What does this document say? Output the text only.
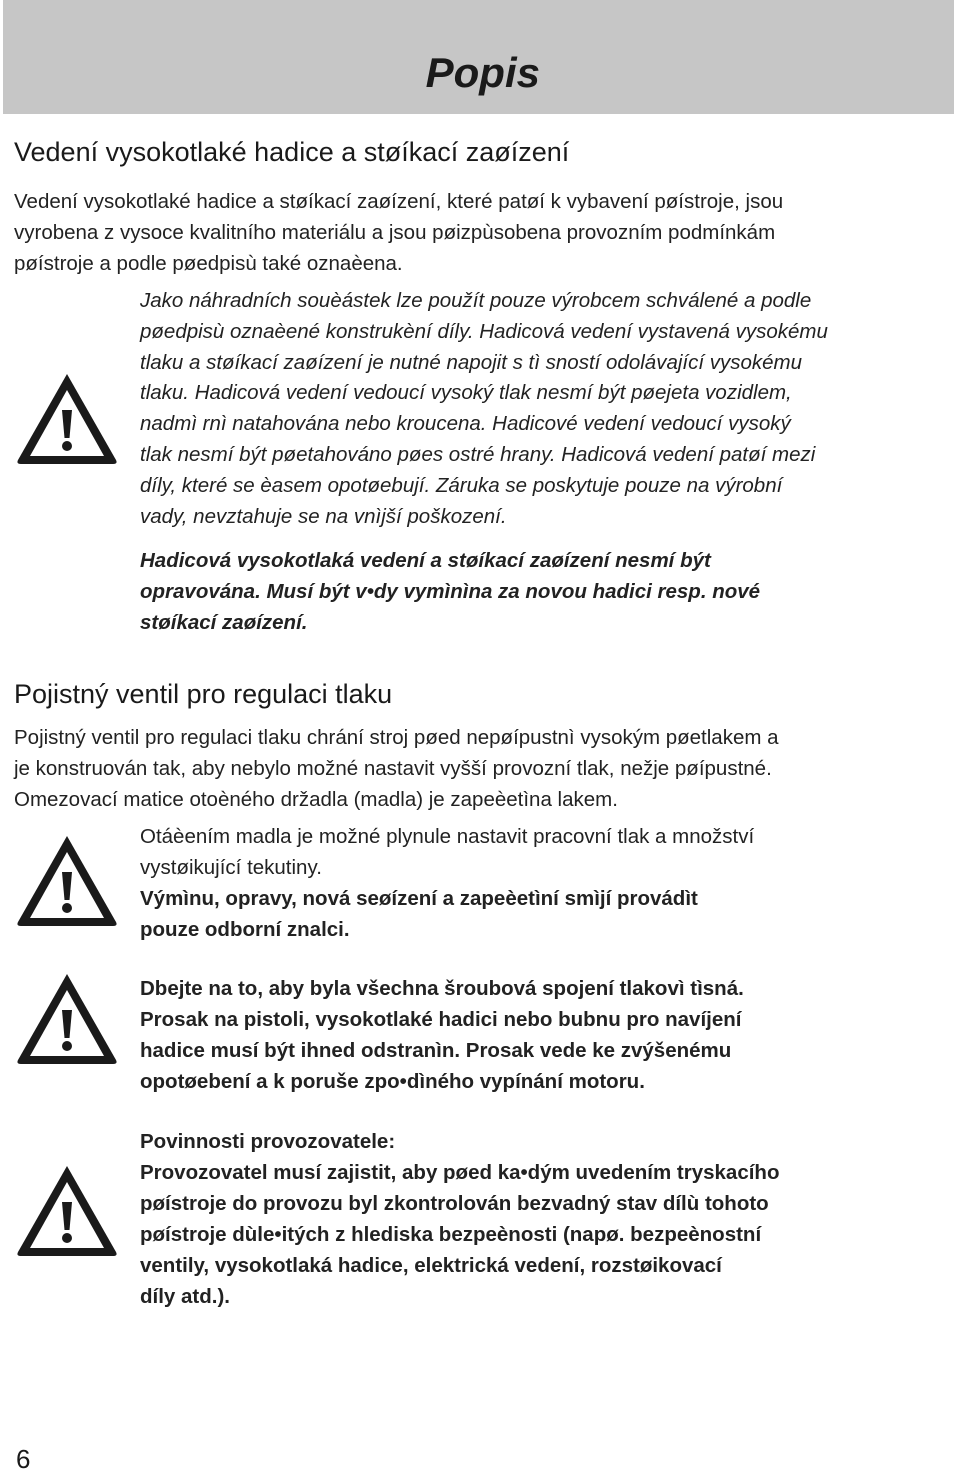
Popis
Vedení vysokotlaké hadice a støíkací zaøízení

Vedení vysokotlaké hadice a støíkací zaøízení, které patøí k vybavení pøístroje, jsou

vyrobena z vysoce kvalitního materiálu a jsou pøizpùsobena provozním podmínkám

pøístroje a podle pøedpisù také oznaèena.

Jako náhradních souèástek lze použít pouze výrobcem schválené a podle

pøedpisù oznaèené konstrukèní díly. Hadicová vedení vystavená vysokému

tlaku a støíkací zaøízení je nutné napojit s tì sností odolávající vysokému

tlaku. Hadicová vedení vedoucí vysoký tlak nesmí být pøejeta vozidlem,

nadmì rnì natahována nebo kroucena. Hadicové vedení vedoucí vysoký

tlak nesmí být pøetahováno pøes ostré hrany. Hadicová vedení patøí mezi

díly, které se èasem opotøebují. Záruka se poskytuje pouze na výrobní

vady, nevztahuje se na vnìjší poškození.

Hadicová vysokotlaká vedení a støíkací zaøízení nesmí být

opravována. Musí být v•dy vymìnìna za novou hadici resp. nové

støíkací zaøízení.

Pojistný ventil pro regulaci tlaku

Pojistný ventil pro regulaci tlaku chrání stroj pøed nepøípustnì vysokým pøetlakem a

je konstruován tak, aby nebylo možné nastavit vyšší provozní tlak, nežje pøípustné.

Omezovací matice otoèného držadla (madla) je zapeèetìna lakem.

Otáèením madla je možné plynule nastavit pracovní tlak a množství

vystøikující tekutiny.

Výmìnu, opravy, nová seøízení a zapeèetìní smìjí provádìt

pouze odborní znalci.

Dbejte na to, aby byla všechna šroubová spojení tlakovì tìsná.

Prosak na pistoli, vysokotlaké hadici nebo bubnu pro navíjení

hadice musí být ihned odstranìn. Prosak vede ke zvýšenému

opotøebení a k poruše zpo•dìného vypínání motoru.

Povinnosti provozovatele:

Provozovatel musí zajistit, aby pøed ka•dým uvedením tryskacího

pøístroje do provozu byl zkontrolován bezvadný stav dílù tohoto

pøístroje dùle•itých z hlediska bezpeènosti (napø. bezpeènostní

ventily, vysokotlaká hadice, elektrická vedení, rozstøikovací

díly atd.).

6
